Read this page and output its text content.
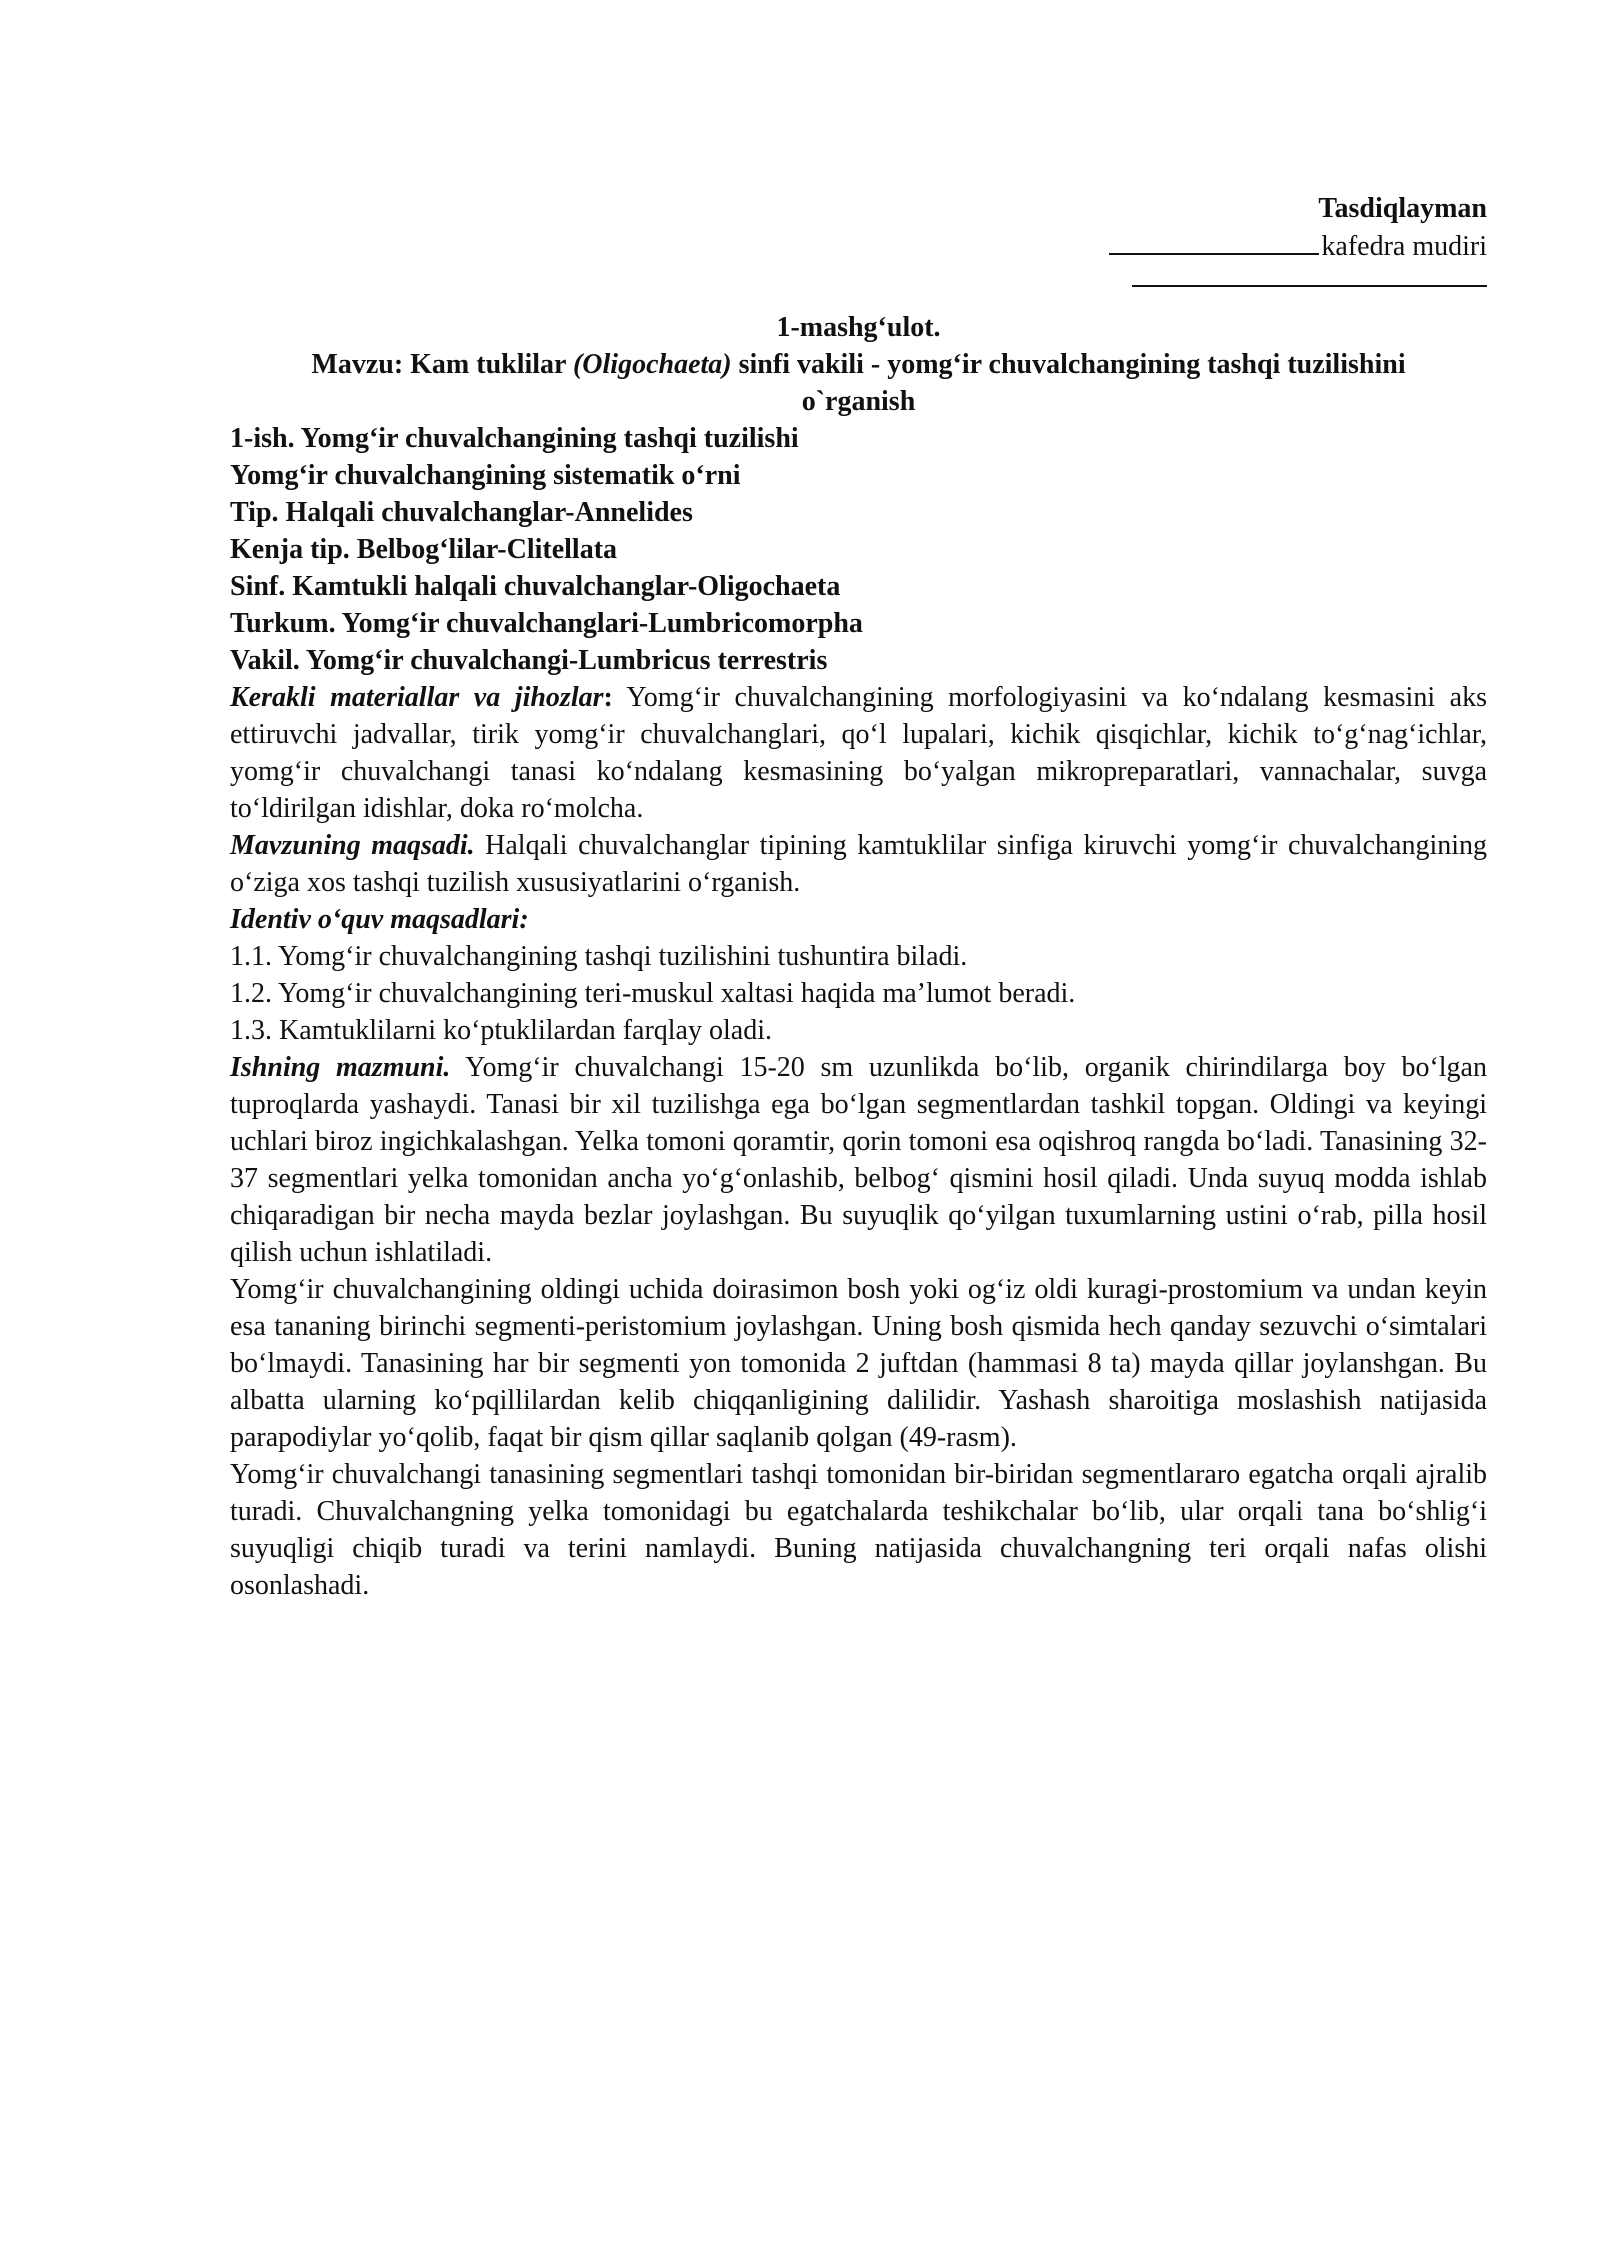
Tasdiqlayman

kafedra mudiri

1-mashg‘ulot.

Mavzu: Kam tuklilar (Oligochaeta) sinfi vakili - yomg‘ir chuvalchangining tashqi tuzilishini o`rganish

1-ish. Yomg‘ir chuvalchangining tashqi tuzilishi

Yomg‘ir chuvalchangining sistematik o‘rni

Tip. Halqali chuvalchanglar-Annelides

Kenja tip. Belbog‘lilar-Clitellata

Sinf. Kamtukli halqali chuvalchanglar-Oligochaeta

Turkum. Yomg‘ir chuvalchanglari-Lumbricomorpha

Vakil. Yomg‘ir chuvalchangi-Lumbricus terrestris

Kerakli materiallar va jihozlar: Yomg‘ir chuvalchangining morfologiyasini va ko‘ndalang kesmasini aks ettiruvchi jadvallar, tirik yomg‘ir chuvalchanglari, qo‘l lupalari, kichik qisqichlar, kichik to‘g‘nag‘ichlar, yomg‘ir chuvalchangi tanasi ko‘ndalang kesmasining bo‘yalgan mikropreparatlari, vannachalar, suvga to‘ldirilgan idishlar, doka ro‘molcha.

Mavzuning maqsadi. Halqali chuvalchanglar tipining kamtuklilar sinfiga kiruvchi yomg‘ir chuvalchangining o‘ziga xos tashqi tuzilish xususiyatlarini o‘rganish.

Identiv o‘quv maqsadlari:

1.1. Yomg‘ir chuvalchangining tashqi tuzilishini tushuntira biladi.

1.2. Yomg‘ir chuvalchangining teri-muskul xaltasi haqida ma’lumot beradi.

1.3. Kamtuklilarni ko‘ptuklilardan farqlay oladi.

Ishning mazmuni. Yomg‘ir chuvalchangi 15-20 sm uzunlikda bo‘lib, organik chirindilarga boy bo‘lgan tuproqlarda yashaydi. Tanasi bir xil tuzilishga ega bo‘lgan segmentlardan tashkil topgan. Oldingi va keyingi uchlari biroz ingichkalashgan. Yelka tomoni qoramtir, qorin tomoni esa oqishroq rangda bo‘ladi. Tanasining 32-37 segmentlari yelka tomonidan ancha yo‘g‘onlashib, belbog‘ qismini hosil qiladi. Unda suyuq modda ishlab chiqaradigan bir necha mayda bezlar joylashgan. Bu suyuqlik qo‘yilgan tuxumlarning ustini o‘rab, pilla hosil qilish uchun ishlatiladi.

Yomg‘ir chuvalchangining oldingi uchida doirasimon bosh yoki og‘iz oldi kuragi-prostomium va undan keyin esa tananing birinchi segmenti-peristomium joylashgan. Uning bosh qismida hech qanday sezuvchi o‘simtalari bo‘lmaydi. Tanasining har bir segmenti yon tomonida 2 juftdan (hammasi 8 ta) mayda qillar joylanshgan. Bu albatta ularning ko‘pqillilardan kelib chiqqanligining dalilidir. Yashash sharoitiga moslashish natijasida parapodiylar yo‘qolib, faqat bir qism qillar saqlanib qolgan (49-rasm).

Yomg‘ir chuvalchangi tanasining segmentlari tashqi tomonidan bir-biridan segmentlararo egatcha orqali ajralib turadi. Chuvalchangning yelka tomonidagi bu egatchalarda teshikchalar bo‘lib, ular orqali tana bo‘shlig‘i suyuqligi chiqib turadi va terini namlaydi. Buning natijasida chuvalchangning teri orqali nafas olishi osonlashadi.
